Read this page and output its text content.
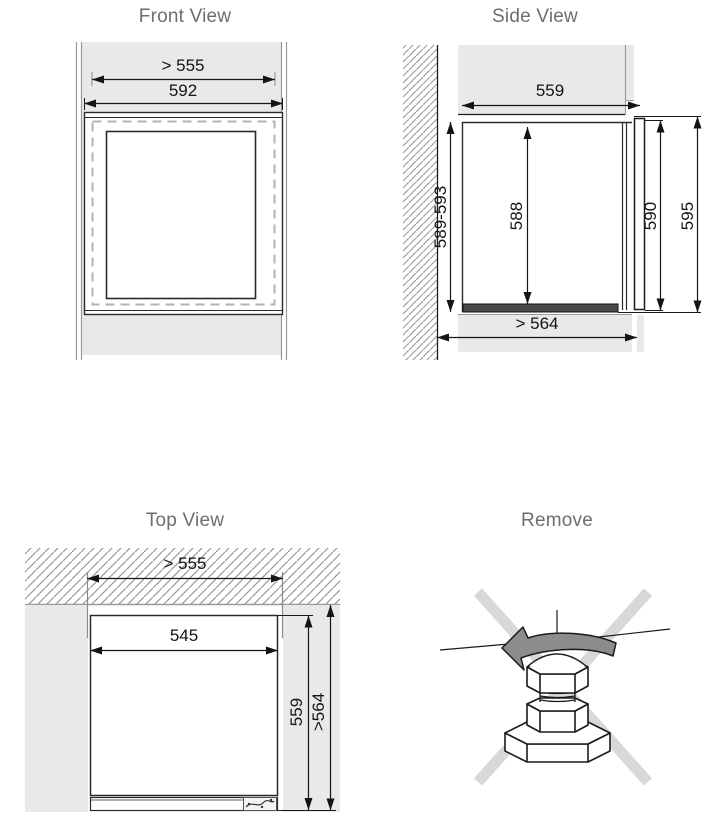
Front View
> 555
592
Side View
559
589-593	588	590 595
> 564
Top View
> 555
545
559 >564
Remove
